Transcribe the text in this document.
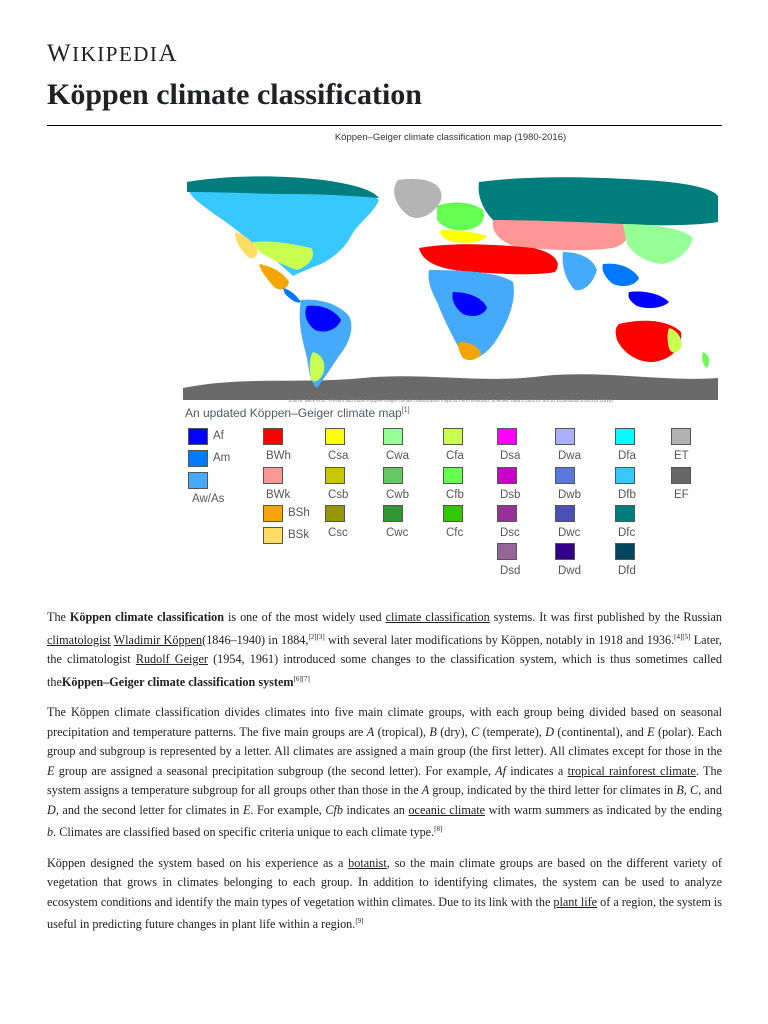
WIKIPEDIA
Köppen climate classification
Köppen–Geiger climate classification map (1980-2016)
Source: Beck et al.: Present and future Köppen-Geiger climate classification maps at 1-km resolution, Scientific Data 5:180214, doi:10.1038/sdata.2018.214 (2018)
An updated Köppen–Geiger climate map[1]
Af
Am
Aw/As
BWh
BWk
BSh
BSk
Csa
Csb
Csc
Cwa
Cwb
Cwc
Cfa
Cfb
Cfc
Dsa
Dsb
Dsc
Dsd
Dwa
Dwb
Dwc
Dwd
Dfa
Dfb
Dfc
Dfd
ET
EF

The Köppen climate classification is one of the most widely used climate classification systems. It was first published by the Russian climatologist Wladimir Köppen(1846–1940) in 1884,[2][3] with several later modifications by Köppen, notably in 1918 and 1936.[4][5] Later, the climatologist Rudolf Geiger (1954, 1961) introduced some changes to the classification system, which is thus sometimes called theKöppen–Geiger climate classification system[6][7]

The Köppen climate classification divides climates into five main climate groups, with each group being divided based on seasonal precipitation and temperature patterns. The five main groups are A (tropical), B (dry), C (temperate), D (continental), and E (polar). Each group and subgroup is represented by a letter. All climates are assigned a main group (the first letter). All climates except for those in the E group are assigned a seasonal precipitation subgroup (the second letter). For example, Af indicates a tropical rainforest climate. The system assigns a temperature subgroup for all groups other than those in the A group, indicated by the third letter for climates in B, C, and D, and the second letter for climates in E. For example, Cfb indicates an oceanic climate with warm summers as indicated by the ending b. Climates are classified based on specific criteria unique to each climate type.[8]

Köppen designed the system based on his experience as a botanist, so the main climate groups are based on the different variety of vegetation that grows in climates belonging to each group. In addition to identifying climates, the system can be used to analyze ecosystem conditions and identify the main types of vegetation within climates. Due to its link with the plant life of a region, the system is useful in predicting future changes in plant life within a region.[9]
